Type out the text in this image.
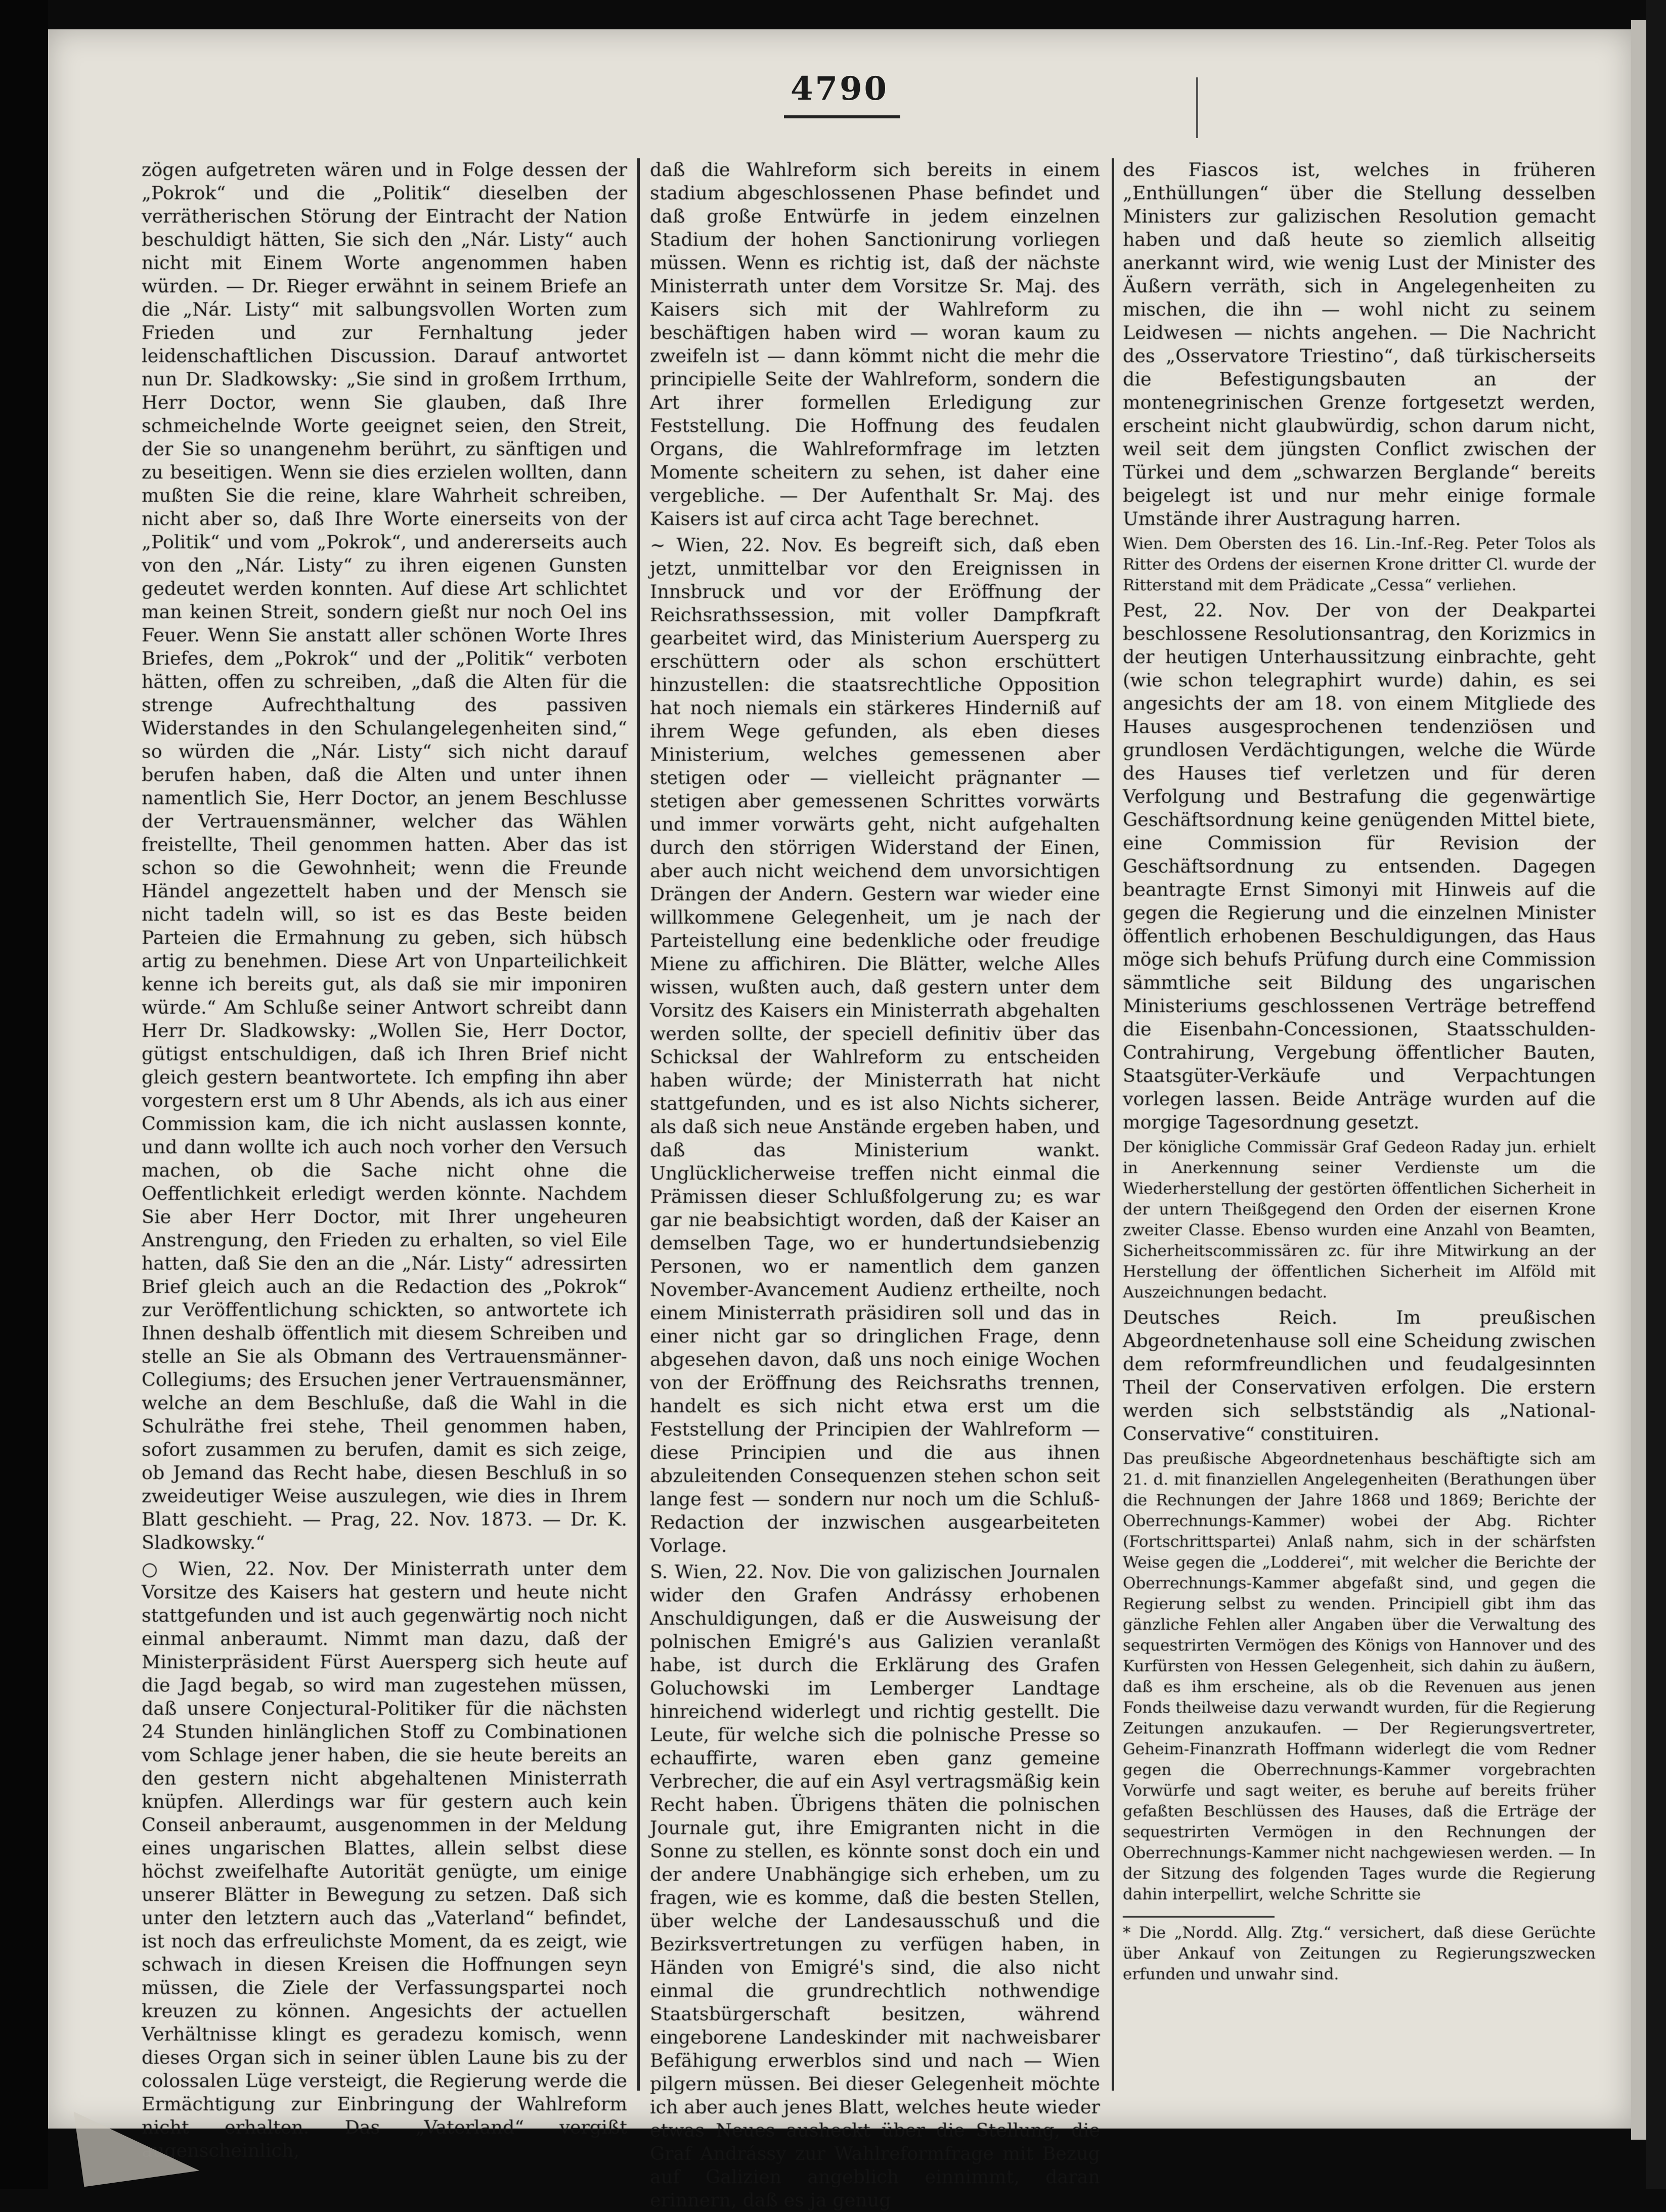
4790

zögen aufgetreten wären und in Folge dessen der „Pokrok“ und die „Politik“ dieselben der verrätherischen Störung der Eintracht der Nation beschuldigt hätten, Sie sich den „Nár. Listy“ auch nicht mit Einem Worte angenommen haben würden. — Dr. Rieger erwähnt in seinem Briefe an die „Nár. Listy“ mit salbungsvollen Worten zum Frieden und zur Fernhaltung jeder leidenschaftlichen Discussion. Darauf antwortet nun Dr. Sladkowsky: „Sie sind in großem Irrthum, Herr Doctor, wenn Sie glauben, daß Ihre schmeichelnde Worte geeignet seien, den Streit, der Sie so unangenehm berührt, zu sänftigen und zu beseitigen. Wenn sie dies erzielen wollten, dann mußten Sie die reine, klare Wahrheit schreiben, nicht aber so, daß Ihre Worte einerseits von der „Politik“ und vom „Pokrok“, und andererseits auch von den „Nár. Listy“ zu ihren eigenen Gunsten gedeutet werden konnten. Auf diese Art schlichtet man keinen Streit, sondern gießt nur noch Oel ins Feuer. Wenn Sie anstatt aller schönen Worte Ihres Briefes, dem „Pokrok“ und der „Politik“ verboten hätten, offen zu schreiben, „daß die Alten für die strenge Aufrechthaltung des passiven Widerstandes in den Schulangelegenheiten sind,“ so würden die „Nár. Listy“ sich nicht darauf berufen haben, daß die Alten und unter ihnen namentlich Sie, Herr Doctor, an jenem Beschlusse der Vertrauensmänner, welcher das Wählen freistellte, Theil genommen hatten. Aber das ist schon so die Gewohnheit; wenn die Freunde Händel angezettelt haben und der Mensch sie nicht tadeln will, so ist es das Beste beiden Parteien die Ermahnung zu geben, sich hübsch artig zu benehmen. Diese Art von Unparteilichkeit kenne ich bereits gut, als daß sie mir imponiren würde.“ Am Schluße seiner Antwort schreibt dann Herr Dr. Sladkowsky: „Wollen Sie, Herr Doctor, gütigst entschuldigen, daß ich Ihren Brief nicht gleich gestern beantwortete. Ich empfing ihn aber vorgestern erst um 8 Uhr Abends, als ich aus einer Commission kam, die ich nicht auslassen konnte, und dann wollte ich auch noch vorher den Versuch machen, ob die Sache nicht ohne die Oeffentlichkeit erledigt werden könnte. Nachdem Sie aber Herr Doctor, mit Ihrer ungeheuren Anstrengung, den Frieden zu erhalten, so viel Eile hatten, daß Sie den an die „Nár. Listy“ adressirten Brief gleich auch an die Redaction des „Pokrok“ zur Veröffentlichung schickten, so antwortete ich Ihnen deshalb öffentlich mit diesem Schreiben und stelle an Sie als Obmann des Vertrauensmänner-Collegiums; des Ersuchen jener Vertrauensmänner, welche an dem Beschluße, daß die Wahl in die Schulräthe frei stehe, Theil genommen haben, sofort zusammen zu berufen, damit es sich zeige, ob Jemand das Recht habe, diesen Beschluß in so zweideutiger Weise auszulegen, wie dies in Ihrem Blatt geschieht. — Prag, 22. Nov. 1873. — Dr. K. Sladkowsky.“

○ Wien, 22. Nov. Der Ministerrath unter dem Vorsitze des Kaisers hat gestern und heute nicht stattgefunden und ist auch gegenwärtig noch nicht einmal anberaumt. Nimmt man dazu, daß der Ministerpräsident Fürst Auersperg sich heute auf die Jagd begab, so wird man zugestehen müssen, daß unsere Conjectural-Politiker für die nächsten 24 Stunden hinlänglichen Stoff zu Combinationen vom Schlage jener haben, die sie heute bereits an den gestern nicht abgehaltenen Ministerrath knüpfen. Allerdings war für gestern auch kein Conseil anberaumt, ausgenommen in der Meldung eines ungarischen Blattes, allein selbst diese höchst zweifelhafte Autorität genügte, um einige unserer Blätter in Bewegung zu setzen. Daß sich unter den letztern auch das „Vaterland“ befindet, ist noch das erfreulichste Moment, da es zeigt, wie schwach in diesen Kreisen die Hoffnungen seyn müssen, die Ziele der Verfassungspartei noch kreuzen zu können. Angesichts der actuellen Verhältnisse klingt es geradezu komisch, wenn dieses Organ sich in seiner üblen Laune bis zu der colossalen Lüge versteigt, die Regierung werde die Ermächtigung zur Einbringung der Wahlreform nicht erhalten. Das „Vaterland“ vergißt augenscheinlich,

daß die Wahlreform sich bereits in einem stadium abgeschlossenen Phase befindet und daß große Entwürfe in jedem einzelnen Stadium der hohen Sanctionirung vorliegen müssen. Wenn es richtig ist, daß der nächste Ministerrath unter dem Vorsitze Sr. Maj. des Kaisers sich mit der Wahlreform zu beschäftigen haben wird — woran kaum zu zweifeln ist — dann kömmt nicht die mehr die principielle Seite der Wahlreform, sondern die Art ihrer formellen Erledigung zur Feststellung. Die Hoffnung des feudalen Organs, die Wahlreformfrage im letzten Momente scheitern zu sehen, ist daher eine vergebliche. — Der Aufenthalt Sr. Maj. des Kaisers ist auf circa acht Tage berechnet.

∼ Wien, 22. Nov. Es begreift sich, daß eben jetzt, unmittelbar vor den Ereignissen in Innsbruck und vor der Eröffnung der Reichsrathssession, mit voller Dampfkraft gearbeitet wird, das Ministerium Auersperg zu erschüttern oder als schon erschüttert hinzustellen: die staatsrechtliche Opposition hat noch niemals ein stärkeres Hinderniß auf ihrem Wege gefunden, als eben dieses Ministerium, welches gemessenen aber stetigen oder — vielleicht prägnanter — stetigen aber gemessenen Schrittes vorwärts und immer vorwärts geht, nicht aufgehalten durch den störrigen Widerstand der Einen, aber auch nicht weichend dem unvorsichtigen Drängen der Andern. Gestern war wieder eine willkommene Gelegenheit, um je nach der Parteistellung eine bedenkliche oder freudige Miene zu affichiren. Die Blätter, welche Alles wissen, wußten auch, daß gestern unter dem Vorsitz des Kaisers ein Ministerrath abgehalten werden sollte, der speciell definitiv über das Schicksal der Wahlreform zu entscheiden haben würde; der Ministerrath hat nicht stattgefunden, und es ist also Nichts sicherer, als daß sich neue Anstände ergeben haben, und daß das Ministerium wankt. Unglücklicherweise treffen nicht einmal die Prämissen dieser Schlußfolgerung zu; es war gar nie beabsichtigt worden, daß der Kaiser an demselben Tage, wo er hundertundsiebenzig Personen, wo er namentlich dem ganzen November-Avancement Audienz ertheilte, noch einem Ministerrath präsidiren soll und das in einer nicht gar so dringlichen Frage, denn abgesehen davon, daß uns noch einige Wochen von der Eröffnung des Reichsraths trennen, handelt es sich nicht etwa erst um die Feststellung der Principien der Wahlreform — diese Principien und die aus ihnen abzuleitenden Consequenzen stehen schon seit lange fest — sondern nur noch um die Schluß-Redaction der inzwischen ausgearbeiteten Vorlage.

S. Wien, 22. Nov. Die von galizischen Journalen wider den Grafen Andrássy erhobenen Anschuldigungen, daß er die Ausweisung der polnischen Emigré's aus Galizien veranlaßt habe, ist durch die Erklärung des Grafen Goluchowski im Lemberger Landtage hinreichend widerlegt und richtig gestellt. Die Leute, für welche sich die polnische Presse so echauffirte, waren eben ganz gemeine Verbrecher, die auf ein Asyl vertragsmäßig kein Recht haben. Übrigens thäten die polnischen Journale gut, ihre Emigranten nicht in die Sonne zu stellen, es könnte sonst doch ein und der andere Unabhängige sich erheben, um zu fragen, wie es komme, daß die besten Stellen, über welche der Landesausschuß und die Bezirksvertretungen zu verfügen haben, in Händen von Emigré's sind, die also nicht einmal die grundrechtlich nothwendige Staatsbürgerschaft besitzen, während eingeborene Landeskinder mit nachweisbarer Befähigung erwerblos sind und nach — Wien pilgern müssen. Bei dieser Gelegenheit möchte ich aber auch jenes Blatt, welches heute wieder etwas Neues ausheckt über die Stellung, die Graf Andrássy zur Wahlreformfrage mit Bezug auf Galizien angeblich einnimmt, daran erinnern, daß es ja genug

des Fiascos ist, welches in früheren „Enthüllungen“ über die Stellung desselben Ministers zur galizischen Resolution gemacht haben und daß heute so ziemlich allseitig anerkannt wird, wie wenig Lust der Minister des Äußern verräth, sich in Angelegenheiten zu mischen, die ihn — wohl nicht zu seinem Leidwesen — nichts angehen. — Die Nachricht des „Osservatore Triestino“, daß türkischerseits die Befestigungsbauten an der montenegrinischen Grenze fortgesetzt werden, erscheint nicht glaubwürdig, schon darum nicht, weil seit dem jüngsten Conflict zwischen der Türkei und dem „schwarzen Berglande“ bereits beigelegt ist und nur mehr einige formale Umstände ihrer Austragung harren.

Wien. Dem Obersten des 16. Lin.-Inf.-Reg. Peter Tolos als Ritter des Ordens der eisernen Krone dritter Cl. wurde der Ritterstand mit dem Prädicate „Cessa“ verliehen.

Pest, 22. Nov. Der von der Deakpartei beschlossene Resolutionsantrag, den Korizmics in der heutigen Unterhaussitzung einbrachte, geht (wie schon telegraphirt wurde) dahin, es sei angesichts der am 18. von einem Mitgliede des Hauses ausgesprochenen tendenziösen und grundlosen Verdächtigungen, welche die Würde des Hauses tief verletzen und für deren Verfolgung und Bestrafung die gegenwärtige Geschäftsordnung keine genügenden Mittel biete, eine Commission für Revision der Geschäftsordnung zu entsenden. Dagegen beantragte Ernst Simonyi mit Hinweis auf die gegen die Regierung und die einzelnen Minister öffentlich erhobenen Beschuldigungen, das Haus möge sich behufs Prüfung durch eine Commission sämmtliche seit Bildung des ungarischen Ministeriums geschlossenen Verträge betreffend die Eisenbahn-Concessionen, Staatsschulden-Contrahirung, Vergebung öffentlicher Bauten, Staatsgüter-Verkäufe und Verpachtungen vorlegen lassen. Beide Anträge wurden auf die morgige Tagesordnung gesetzt.

Der königliche Commissär Graf Gedeon Raday jun. erhielt in Anerkennung seiner Verdienste um die Wiederherstellung der gestörten öffentlichen Sicherheit in der untern Theißgegend den Orden der eisernen Krone zweiter Classe. Ebenso wurden eine Anzahl von Beamten, Sicherheitscommissären zc. für ihre Mitwirkung an der Herstellung der öffentlichen Sicherheit im Alföld mit Auszeichnungen bedacht.

Deutsches Reich. Im preußischen Abgeordnetenhause soll eine Scheidung zwischen dem reformfreundlichen und feudalgesinnten Theil der Conservativen erfolgen. Die erstern werden sich selbstständig als „National-Conservative“ constituiren.

Das preußische Abgeordnetenhaus beschäftigte sich am 21. d. mit finanziellen Angelegenheiten (Berathungen über die Rechnungen der Jahre 1868 und 1869; Berichte der Oberrechnungs-Kammer) wobei der Abg. Richter (Fortschrittspartei) Anlaß nahm, sich in der schärfsten Weise gegen die „Lodderei“, mit welcher die Berichte der Oberrechnungs-Kammer abgefaßt sind, und gegen die Regierung selbst zu wenden. Principiell gibt ihm das gänzliche Fehlen aller Angaben über die Verwaltung des sequestrirten Vermögen des Königs von Hannover und des Kurfürsten von Hessen Gelegenheit, sich dahin zu äußern, daß es ihm erscheine, als ob die Revenuen aus jenen Fonds theilweise dazu verwandt wurden, für die Regierung Zeitungen anzukaufen. — Der Regierungsvertreter, Geheim-Finanzrath Hoffmann widerlegt die vom Redner gegen die Oberrechnungs-Kammer vorgebrachten Vorwürfe und sagt weiter, es beruhe auf bereits früher gefaßten Beschlüssen des Hauses, daß die Erträge der sequestrirten Vermögen in den Rechnungen der Oberrechnungs-Kammer nicht nachgewiesen werden. — In der Sitzung des folgenden Tages wurde die Regierung dahin interpellirt, welche Schritte sie

* Die „Nordd. Allg. Ztg.“ versichert, daß diese Gerüchte über Ankauf von Zeitungen zu Regierungszwecken erfunden und unwahr sind.
